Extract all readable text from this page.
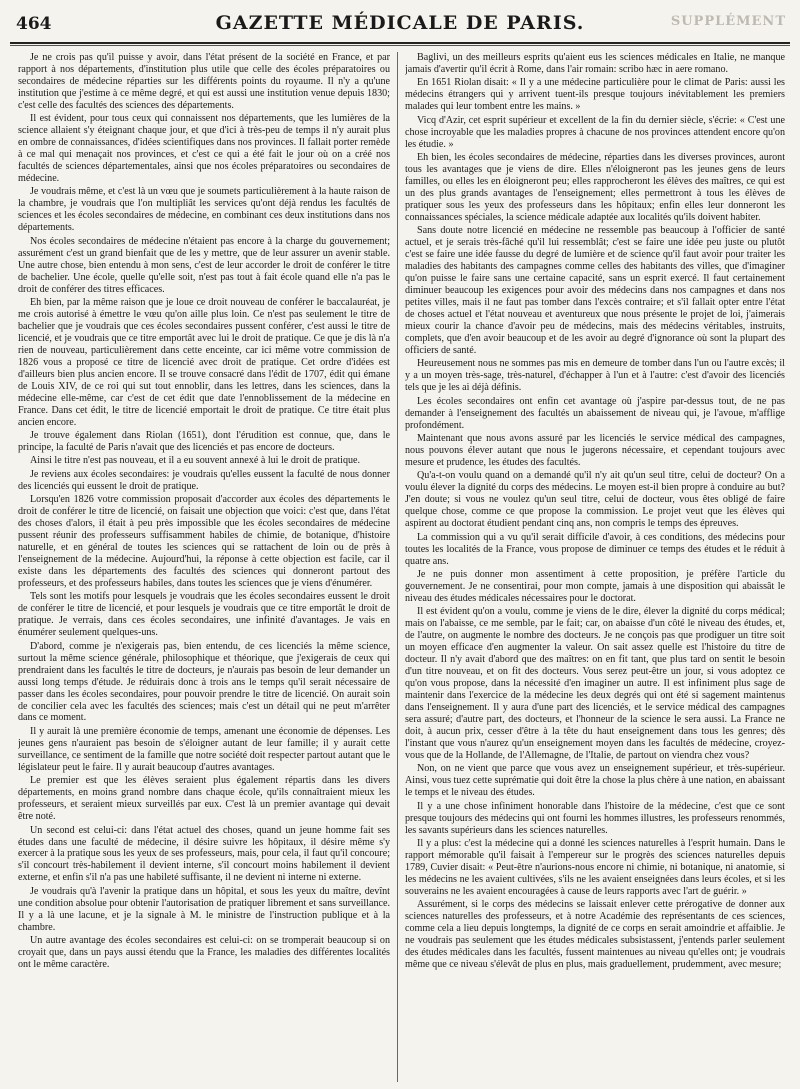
464	GAZETTE MÉDICALE DE PARIS.	SUPPLÉMENT

Je ne crois pas qu'il puisse y avoir, dans l'état présent de la société en France, et par rapport à nos départements, d'institution plus utile que celle des écoles préparatoires ou secondaires de médecine réparties sur les différents points du royaume. Il n'y a qu'une institution que j'estime à ce même degré, et qui est aussi une institution venue depuis 1830; c'est celle des facultés des sciences des départements.

Il est évident, pour tous ceux qui connaissent nos départements, que les lumières de la science allaient s'y éteignant chaque jour, et que d'ici à très-peu de temps il n'y aurait plus en ombre de connaissances, d'idées scientifiques dans nos provinces. Il fallait porter remède à ce mal qui menaçait nos provinces, et c'est ce qui a été fait le jour où on a créé nos facultés de sciences départementales, ainsi que nos écoles préparatoires ou secondaires de médecine.

Je voudrais même, et c'est là un vœu que je soumets particulièrement à la haute raison de la chambre, je voudrais que l'on multipliât les services qu'ont déjà rendus les facultés de sciences et les écoles secondaires de médecine, en combinant ces deux institutions dans nos départements.

Nos écoles secondaires de médecine n'étaient pas encore à la charge du gouvernement; assurément c'est un grand bienfait que de les y mettre, que de leur assurer un avenir stable. Une autre chose, bien entendu à mon sens, c'est de leur accorder le droit de conférer le titre de bachelier. Une école, quelle qu'elle soit, n'est pas tout à fait école quand elle n'a pas le droit de conférer des titres efficaces.

Eh bien, par la même raison que je loue ce droit nouveau de conférer le baccalauréat, je me crois autorisé à émettre le vœu qu'on aille plus loin. Ce n'est pas seulement le titre de bachelier que je voudrais que ces écoles secondaires pussent conférer, c'est aussi le titre de licencié, et je voudrais que ce titre emportât avec lui le droit de pratique. Ce que je dis là n'a rien de nouveau, particulièrement dans cette enceinte, car ici même votre commission de 1826 vous a proposé ce titre de licencié avec droit de pratique. Cet ordre d'idées est d'ailleurs bien plus ancien encore. Il se trouve consacré dans l'édit de 1707, édit qui émane de Louis XIV, de ce roi qui sut tout ennoblir, dans les lettres, dans les sciences, dans la médecine elle-même, car c'est de cet édit que date l'ennoblissement de la médecine en France. Dans cet édit, le titre de licencié emportait le droit de pratique. Ce titre était plus ancien encore.

Je trouve également dans Riolan (1651), dont l'érudition est connue, que, dans le principe, la faculté de Paris n'avait que des licenciés et pas encore de docteurs.

Ainsi le titre n'est pas nouveau, et il a eu souvent annexé à lui le droit de pratique.

Je reviens aux écoles secondaires: je voudrais qu'elles eussent la faculté de nous donner des licenciés qui eussent le droit de pratique.

Lorsqu'en 1826 votre commission proposait d'accorder aux écoles des départements le droit de conférer le titre de licencié, on faisait une objection que voici: c'est que, dans l'état des choses d'alors, il était à peu près impossible que les écoles secondaires de médecine pussent réunir des professeurs suffisamment habiles de chimie, de botanique, d'histoire naturelle, et en général de toutes les sciences qui se rattachent de loin ou de près à l'enseignement de la médecine. Aujourd'hui, la réponse à cette objection est facile, car il existe dans les départements des facultés des sciences qui donneront partout des professeurs, et des professeurs habiles, dans toutes les sciences que je viens d'énumérer.

Tels sont les motifs pour lesquels je voudrais que les écoles secondaires eussent le droit de conférer le titre de licencié, et pour lesquels je voudrais que ce titre emportât le droit de pratique. Je verrais, dans ces écoles secondaires, une infinité d'avantages. Je vais en énumérer seulement quelques-uns.

D'abord, comme je n'exigerais pas, bien entendu, de ces licenciés la même science, surtout la même science générale, philosophique et théorique, que j'exigerais de ceux qui prendraient dans les facultés le titre de docteurs, je n'aurais pas besoin de leur demander un aussi long temps d'étude. Je réduirais donc à trois ans le temps qu'il serait nécessaire de passer dans les écoles secondaires, pour pouvoir prendre le titre de licencié. On aurait soin de concilier cela avec les facultés des sciences; mais c'est un détail qui ne peut m'arrêter dans ce moment.

Il y aurait là une première économie de temps, amenant une économie de dépenses. Les jeunes gens n'auraient pas besoin de s'éloigner autant de leur famille; il y aurait cette surveillance, ce sentiment de la famille que notre société doit respecter partout autant que le législateur peut le faire. Il y aurait beaucoup d'autres avantages.

Le premier est que les élèves seraient plus également répartis dans les divers départements, en moins grand nombre dans chaque école, qu'ils connaîtraient mieux les professeurs, et seraient mieux surveillés par eux. C'est là un premier avantage qui devait être noté.

Un second est celui-ci: dans l'état actuel des choses, quand un jeune homme fait ses études dans une faculté de médecine, il désire suivre les hôpitaux, il désire même s'y exercer à la pratique sous les yeux de ses professeurs, mais, pour cela, il faut qu'il concoure; s'il concourt très-habilement il devient interne, s'il concourt moins habilement il devient externe, et enfin s'il n'a pas une habileté suffisante, il ne devient ni interne ni externe.

Je voudrais qu'à l'avenir la pratique dans un hôpital, et sous les yeux du maître, devînt une condition absolue pour obtenir l'autorisation de pratiquer librement et sans surveillance. Il y a là une lacune, et je la signale à M. le ministre de l'instruction publique et à la chambre.

Un autre avantage des écoles secondaires est celui-ci: on se tromperait beaucoup si on croyait que, dans un pays aussi étendu que la France, les maladies des différentes localités ont le même caractère.

Baglivi, un des meilleurs esprits qu'aient eus les sciences médicales en Italie, ne manque jamais d'avertir qu'il écrit à Rome, dans l'air romain: scribo hæc in aere romano.

En 1651 Riolan disait: « Il y a une médecine particulière pour le climat de Paris: aussi les médecins étrangers qui y arrivent tuent-ils presque toujours inévitablement les premiers malades qui leur tombent entre les mains. »

Vicq d'Azir, cet esprit supérieur et excellent de la fin du dernier siècle, s'écrie: « C'est une chose incroyable que les maladies propres à chacune de nos provinces attendent encore qu'on les étudie. »

Eh bien, les écoles secondaires de médecine, réparties dans les diverses provinces, auront tous les avantages que je viens de dire. Elles n'éloigneront pas les jeunes gens de leurs familles, ou elles les en éloigneront peu; elles rapprocheront les élèves des maîtres, ce qui est un des plus grands avantages de l'enseignement; elles permettront à tous les élèves de pratiquer sous les yeux des professeurs dans les hôpitaux; enfin elles leur donneront les connaissances spéciales, la science médicale adaptée aux localités qu'ils doivent habiter.

Sans doute notre licencié en médecine ne ressemble pas beaucoup à l'officier de santé actuel, et je serais très-fâché qu'il lui ressemblât; c'est se faire une idée peu juste ou plutôt c'est se faire une idée fausse du degré de lumière et de science qu'il faut avoir pour traiter les maladies des habitants des campagnes comme celles des habitants des villes, que d'imaginer qu'on puisse le faire sans une certaine capacité, sans un esprit exercé. Il faut certainement diminuer beaucoup les exigences pour avoir des médecins dans nos campagnes et dans nos petites villes, mais il ne faut pas tomber dans l'excès contraire; et s'il fallait opter entre l'état de choses actuel et l'état nouveau et aventureux que nous présente le projet de loi, j'aimerais mieux courir la chance d'avoir peu de médecins, mais des médecins véritables, instruits, complets, que d'en avoir beaucoup et de les avoir au degré d'ignorance où sont la plupart des officiers de santé.

Heureusement nous ne sommes pas mis en demeure de tomber dans l'un ou l'autre excès; il y a un moyen très-sage, très-naturel, d'échapper à l'un et à l'autre: c'est d'avoir des licenciés tels que je les ai déjà définis.

Les écoles secondaires ont enfin cet avantage où j'aspire par-dessus tout, de ne pas demander à l'enseignement des facultés un abaissement de niveau qui, je l'avoue, m'afflige profondément.

Maintenant que nous avons assuré par les licenciés le service médical des campagnes, nous pouvons élever autant que nous le jugerons nécessaire, et cependant toujours avec mesure et prudence, les études des facultés.

Qu'a-t-on voulu quand on a demandé qu'il n'y ait qu'un seul titre, celui de docteur? On a voulu élever la dignité du corps des médecins. Le moyen est-il bien propre à conduire au but? J'en doute; si vous ne voulez qu'un seul titre, celui de docteur, vous êtes obligé de faire quelque chose, comme ce que propose la commission. Le projet veut que les élèves qui aspirent au doctorat étudient pendant cinq ans, non compris le temps des épreuves.

La commission qui a vu qu'il serait difficile d'avoir, à ces conditions, des médecins pour toutes les localités de la France, vous propose de diminuer ce temps des études et le réduit à quatre ans.

Je ne puis donner mon assentiment à cette proposition, je préfère l'article du gouvernement. Je ne consentirai, pour mon compte, jamais à une disposition qui abaissât le niveau des études médicales nécessaires pour le doctorat.

Il est évident qu'on a voulu, comme je viens de le dire, élever la dignité du corps médical; mais on l'abaisse, ce me semble, par le fait; car, on abaisse d'un côté le niveau des études, et, de l'autre, on augmente le nombre des docteurs. Je ne conçois pas que prodiguer un titre soit un moyen efficace d'en augmenter la valeur. On sait assez quelle est l'histoire du titre de docteur. Il n'y avait d'abord que des maîtres: on en fit tant, que plus tard on sentit le besoin d'un titre nouveau, et on fit des docteurs. Vous serez peut-être un jour, si vous adoptez ce qu'on vous propose, dans la nécessité d'en imaginer un autre. Il est infiniment plus sage de maintenir dans l'exercice de la médecine les deux degrés qui ont été si sagement maintenus dans l'enseignement. Il y aura d'une part des licenciés, et le service médical des campagnes sera assuré; d'autre part, des docteurs, et l'honneur de la science le sera aussi. La France ne doit, à aucun prix, cesser d'être à la tête du haut enseignement dans tous les genres; dès l'instant que vous n'aurez qu'un enseignement moyen dans les facultés de médecine, croyez-vous que de la Hollande, de l'Allemagne, de l'Italie, de partout on viendra chez vous?

Non, on ne vient que parce que vous avez un enseignement supérieur, et très-supérieur. Ainsi, vous tuez cette suprématie qui doit être la chose la plus chère à une nation, en abaissant le temps et le niveau des études.

Il y a une chose infiniment honorable dans l'histoire de la médecine, c'est que ce sont presque toujours des médecins qui ont fourni les hommes illustres, les professeurs renommés, les savants supérieurs dans les sciences naturelles.

Il y a plus: c'est la médecine qui a donné les sciences naturelles à l'esprit humain. Dans le rapport mémorable qu'il faisait à l'empereur sur le progrès des sciences naturelles depuis 1789, Cuvier disait: « Peut-être n'aurions-nous encore ni chimie, ni botanique, ni anatomie, si les médecins ne les avaient cultivées, s'ils ne les avaient enseignées dans leurs écoles, et si les souverains ne les avaient encouragées à cause de leurs rapports avec l'art de guérir. »

Assurément, si le corps des médecins se laissait enlever cette prérogative de donner aux sciences naturelles des professeurs, et à notre Académie des représentants de ces sciences, comme cela a lieu depuis longtemps, la dignité de ce corps en serait amoindrie et affaiblie. Je ne voudrais pas seulement que les études médicales subsistassent, j'entends parler seulement des études médicales dans les facultés, fussent maintenues au niveau qu'elles ont; je voudrais même que ce niveau s'élevât de plus en plus, mais graduellement, prudemment, avec mesure;
